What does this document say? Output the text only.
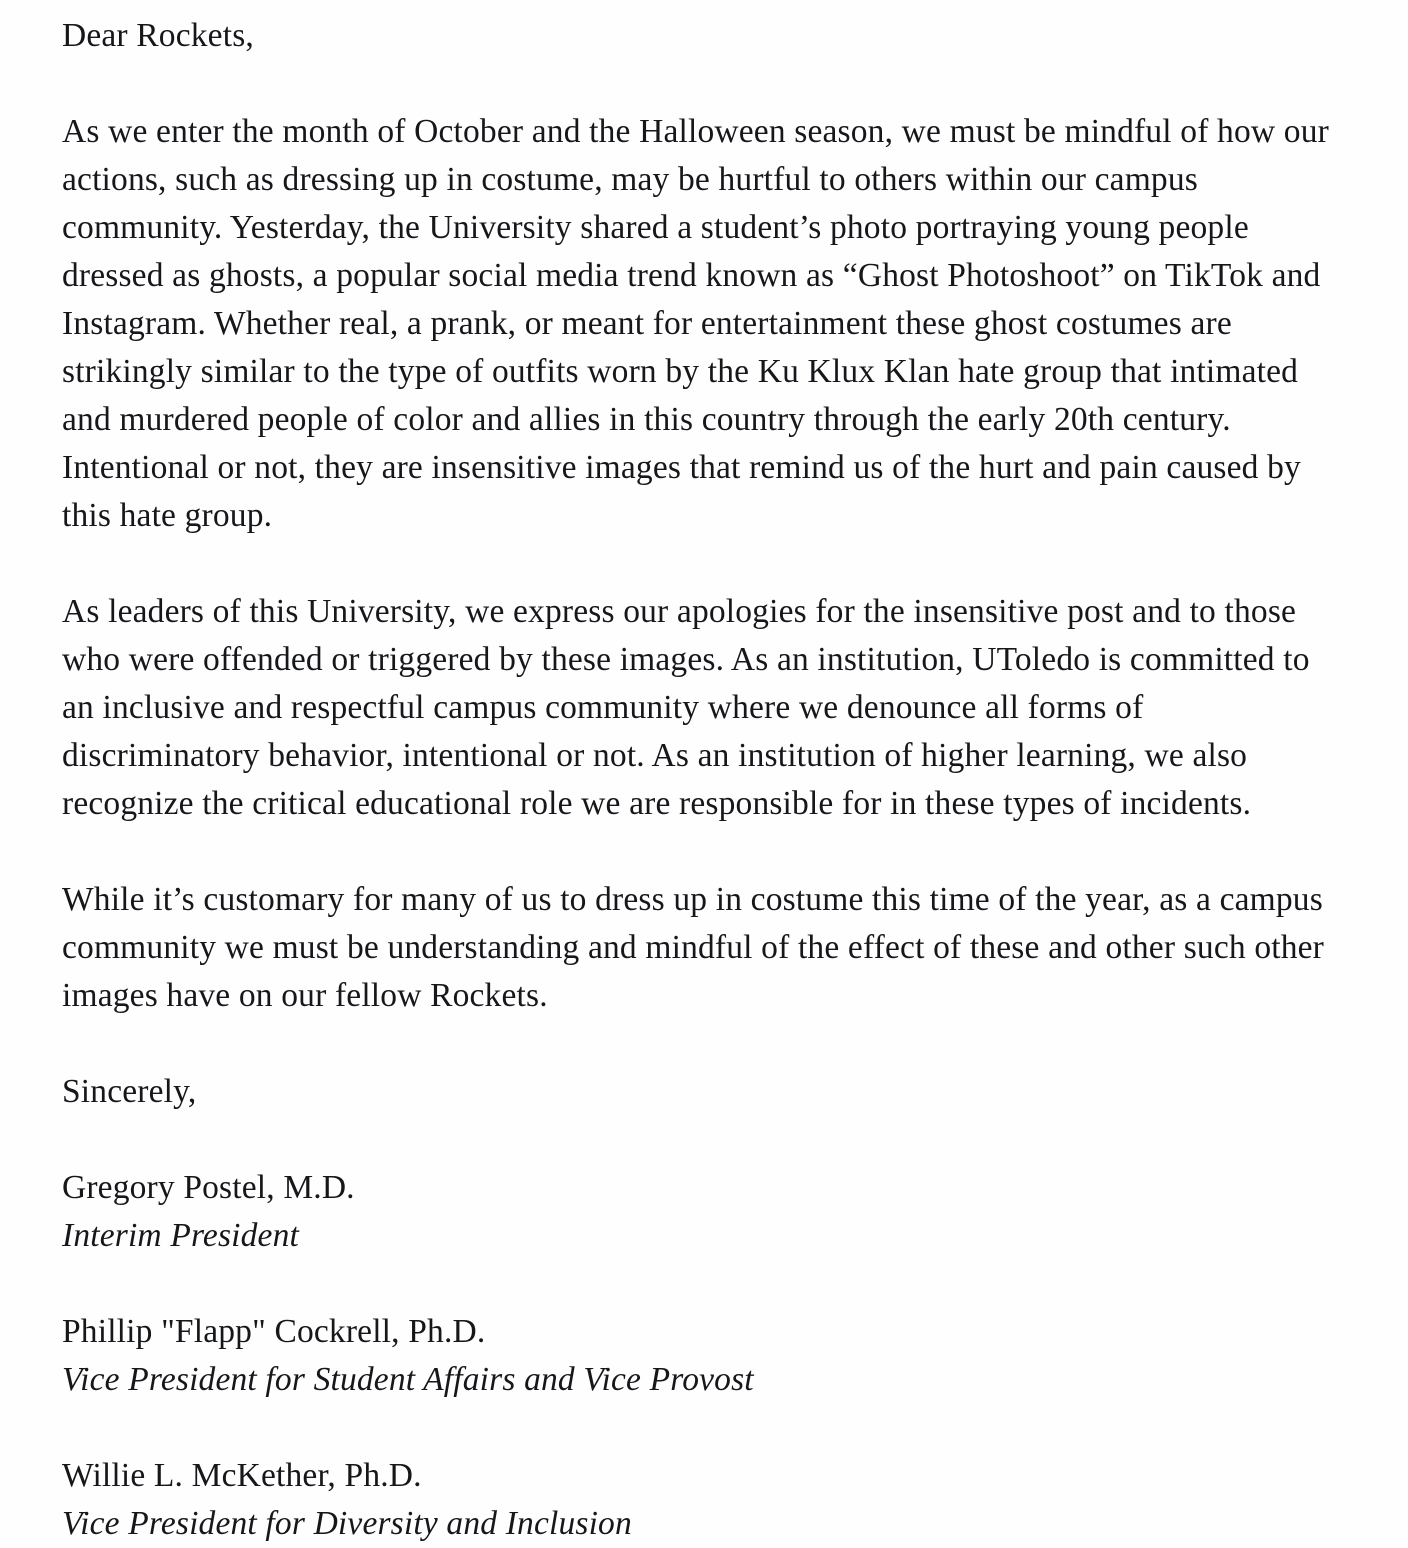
Dear Rockets,
As we enter the month of October and the Halloween season, we must be mindful of how our
actions, such as dressing up in costume, may be hurtful to others within our campus
community. Yesterday, the University shared a student’s photo portraying young people
dressed as ghosts, a popular social media trend known as “Ghost Photoshoot” on TikTok and
Instagram. Whether real, a prank, or meant for entertainment these ghost costumes are
strikingly similar to the type of outfits worn by the Ku Klux Klan hate group that intimated
and murdered people of color and allies in this country through the early 20th century.
Intentional or not, they are insensitive images that remind us of the hurt and pain caused by
this hate group.
As leaders of this University, we express our apologies for the insensitive post and to those
who were offended or triggered by these images. As an institution, UToledo is committed to
an inclusive and respectful campus community where we denounce all forms of
discriminatory behavior, intentional or not. As an institution of higher learning, we also
recognize the critical educational role we are responsible for in these types of incidents.
While it’s customary for many of us to dress up in costume this time of the year, as a campus
community we must be understanding and mindful of the effect of these and other such other
images have on our fellow Rockets.
Sincerely,
Gregory Postel, M.D.
Interim President
Phillip "Flapp" Cockrell, Ph.D.
Vice President for Student Affairs and Vice Provost
Willie L. McKether, Ph.D.
Vice President for Diversity and Inclusion
